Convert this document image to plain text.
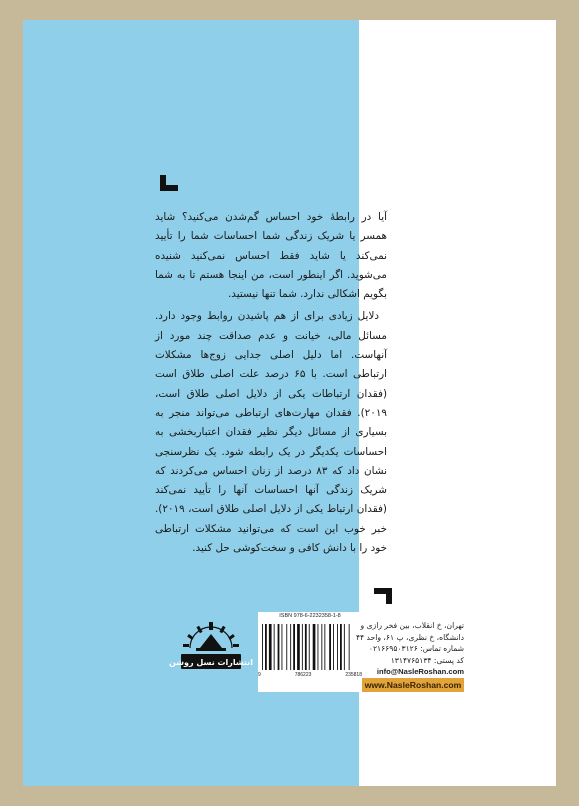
آیا در رابطهٔ خود احساس گم‌شدن می‌کنید؟ شاید همسر یا شریک زندگی شما احساسات شما را تأیید نمی‌کند یا شاید فقط احساس نمی‌کنید شنیده می‌شوید. اگر اینطور است، من اینجا هستم تا به شما بگویم اشکالی ندارد. شما تنها نیستید.

دلایل زیادی برای از هم پاشیدن روابط وجود دارد. مسائل مالی، خیانت و عدم صداقت چند مورد از آنهاست. اما دلیل اصلی جدایی زوج‌ها مشکلات ارتباطی است. با ۶۵ درصد علت اصلی طلاق است (فقدان ارتباطات یکی از دلایل اصلی طلاق است، ۲۰۱۹). فقدان مهارت‌های ارتباطی می‌تواند منجر به بسیاری از مسائل دیگر نظیر فقدان اعتباربخشی به احساسات یکدیگر در یک رابطه شود. یک نظرسنجی نشان داد که ۸۳ درصد از زنان احساس می‌کردند که شریک زندگی آنها احساسات آنها را تأیید نمی‌کند (فقدان ارتباط یکی از دلایل اصلی طلاق است، ۲۰۱۹). خبر خوب این است که می‌توانید مشکلات ارتباطی خود را با دانش کافی و سخت‌کوشی حل کنید.

ISBN 978-6-2232358-1-8
9	786223	235818
تهران، خ انقلاب، بین فخر رازی و
دانشگاه، خ نظری، پ ۶۱، واحد ۴۴
شماره تماس: ۰۲۱۶۶۹۵۰۳۱۲۶
کد پستی: ۱۳۱۴۷۶۵۱۳۴
info@NasleRoshan.com
www.NasleRoshan.com
انتشارات نسل روشن
